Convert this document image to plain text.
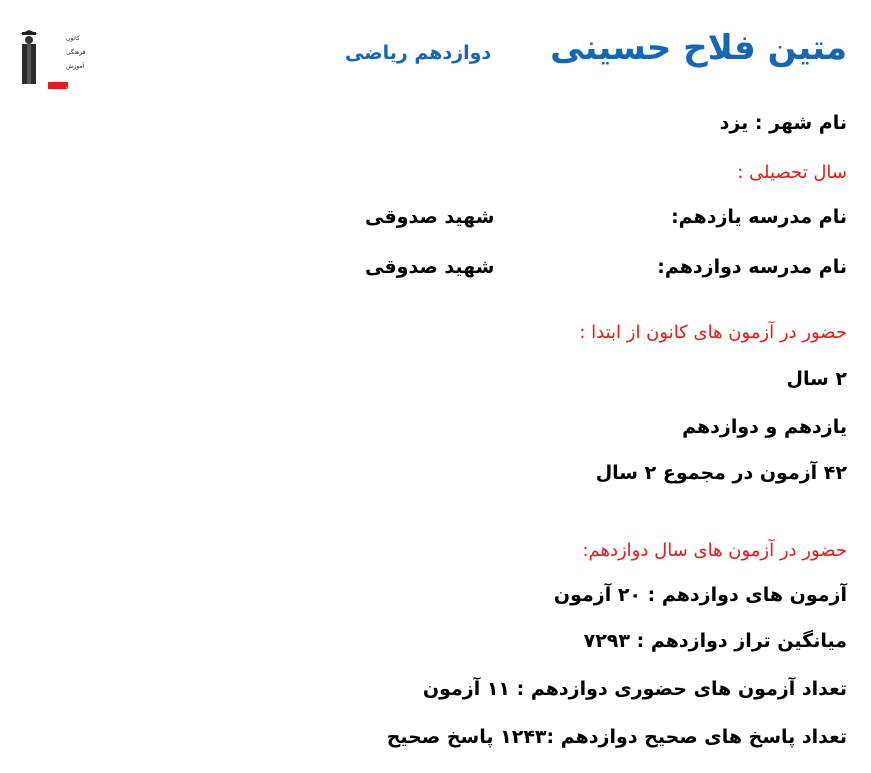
کانون
فرهنگی
آموزش
قلم چی
متین فلاح حسینی
دوازدهم ریاضی
نام شهر : یزد
سال تحصیلی :
نام مدرسه یازدهم:
شهید صدوقی
نام مدرسه دوازدهم:
شهید صدوقی
حضور در آزمون های کانون از ابتدا :
۲ سال
یازدهم و دوازدهم
۴۲ آزمون در مجموع ۲ سال
حضور در آزمون های سال دوازدهم:
آزمون های دوازدهم : ۲۰ آزمون
میانگین تراز دوازدهم : ۷۲۹۳
تعداد آزمون های حضوری دوازدهم : ۱۱ آزمون
تعداد پاسخ های صحیح دوازدهم :۱۲۴۳ پاسخ صحیح
